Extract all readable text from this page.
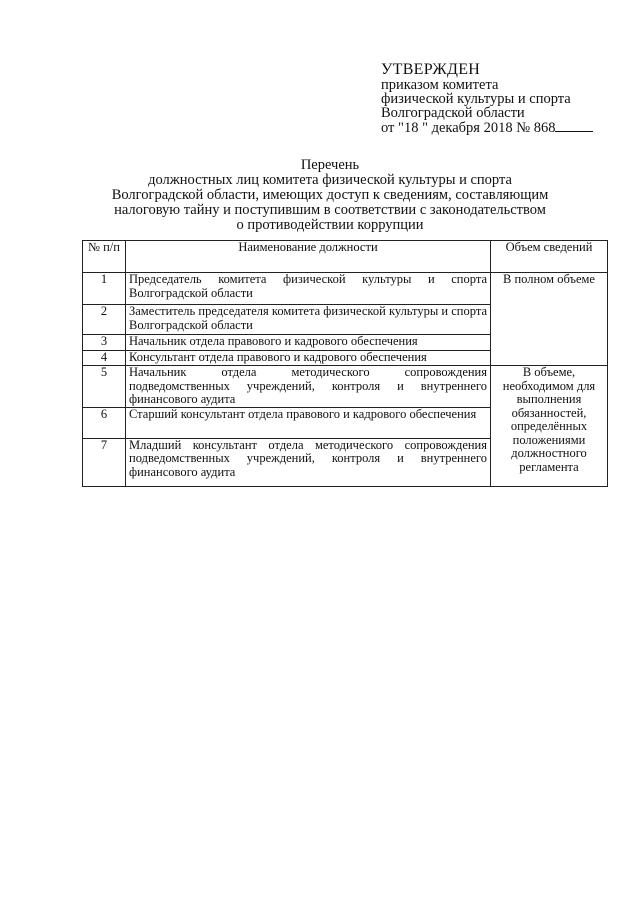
УТВЕРЖДЕН
приказом комитета
физической культуры и спорта
Волгоградской области
от "18 " декабря 2018 № 868
Перечень
должностных лиц комитета физической культуры и спорта
Волгоградской области, имеющих доступ к сведениям, составляющим
налоговую тайну и поступившим в соответствии с законодательством
о противодействии коррупции
№ п/п	Наименование должности	Объем сведений
1	Председатель комитета физической культуры и спорта Волгоградской области	В полном объеме
2	Заместитель председателя комитета физической культуры и спорта Волгоградской области	
3	Начальник отдела правового и кадрового обеспечения	
4	Консультант отдела правового и кадрового обеспечения	
5	Начальник отдела методического сопровождения подведомственных учреждений, контроля и внутреннего финансового аудита	В объеме, необходимом для выполнения обязанностей, определённых положениями должностного регламента
6	Старший консультант отдела правового и кадрового обеспечения	
7	Младший консультант отдела методического сопровождения подведомственных учреждений, контроля и внутреннего финансового аудита	
